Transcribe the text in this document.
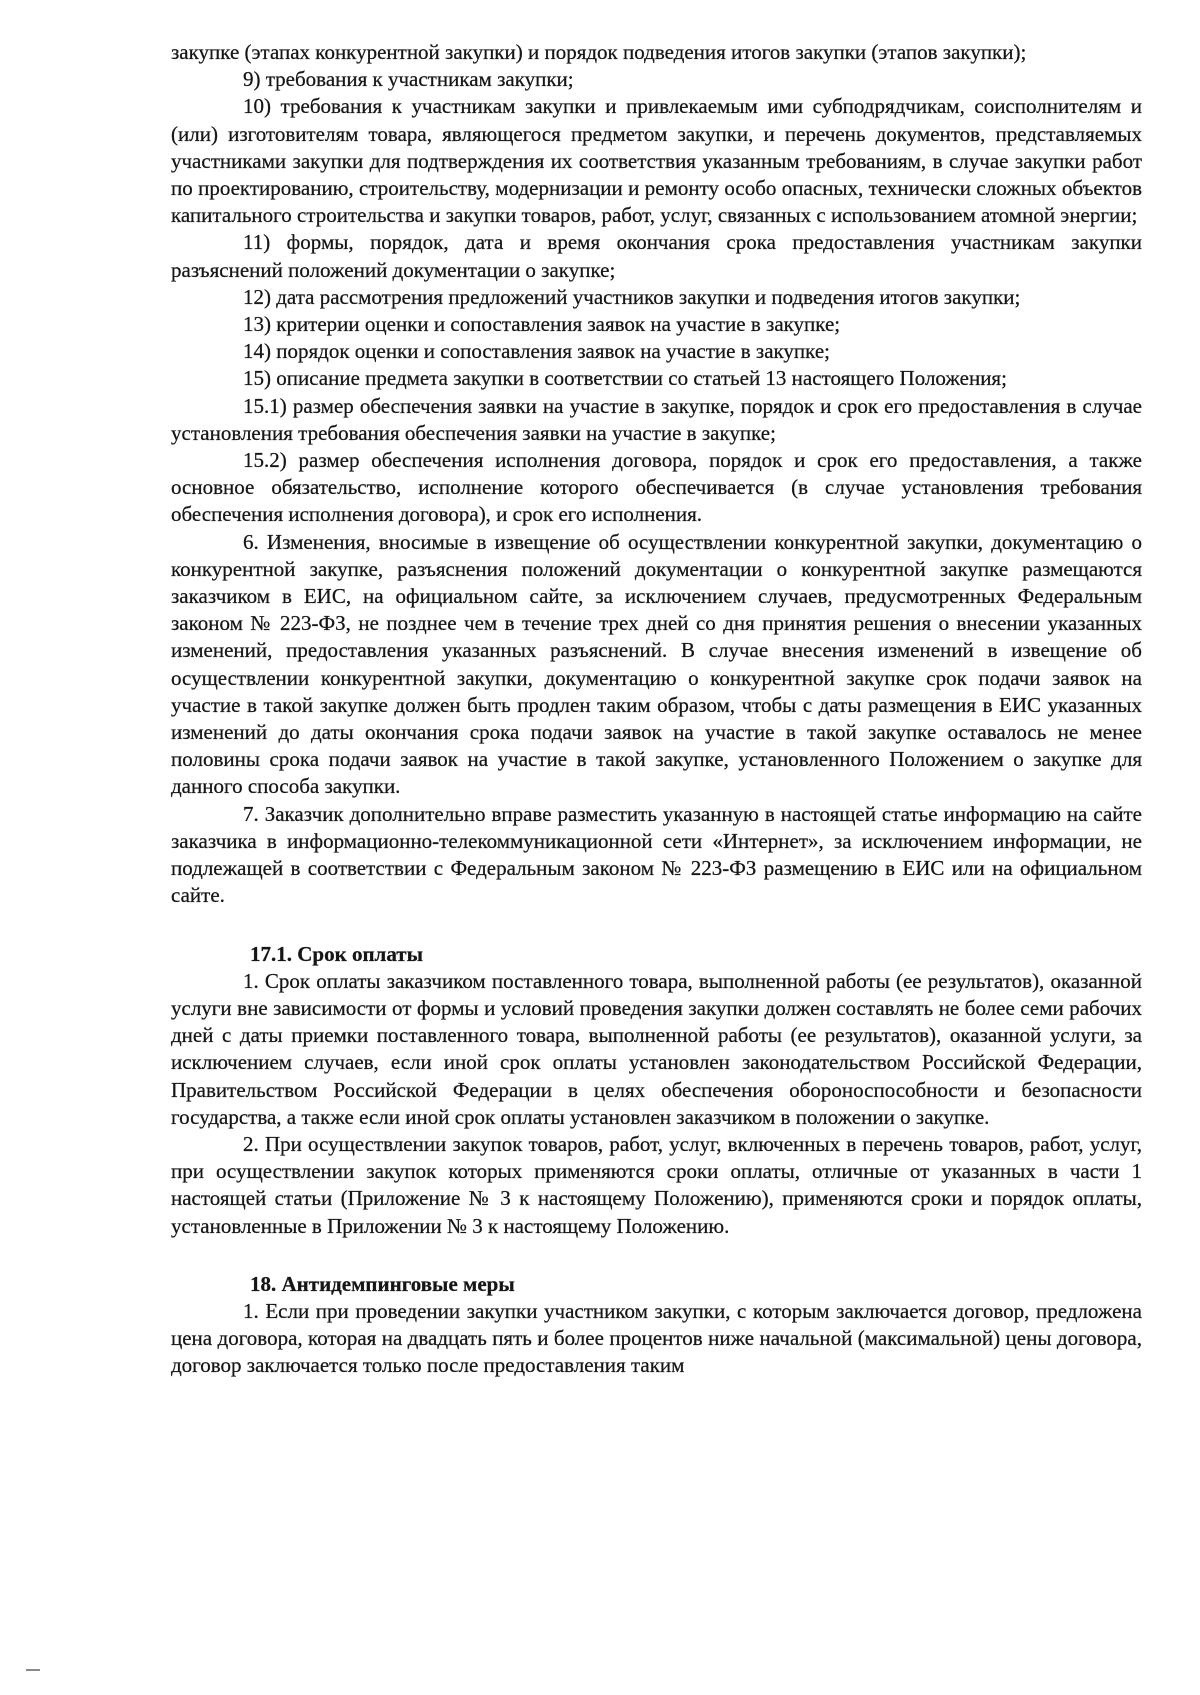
закупке (этапах конкурентной закупки) и порядок подведения итогов закупки (этапов закупки);

9) требования к участникам закупки;

10) требования к участникам закупки и привлекаемым ими субподрядчикам, соисполнителям и (или) изготовителям товара, являющегося предметом закупки, и перечень документов, представляемых участниками закупки для подтверждения их соответствия указанным требованиям, в случае закупки работ по проектированию, строительству, модернизации и ремонту особо опасных, технически сложных объектов капитального строительства и закупки товаров, работ, услуг, связанных с использованием атомной энергии;

11) формы, порядок, дата и время окончания срока предоставления участникам закупки разъяснений положений документации о закупке;

12) дата рассмотрения предложений участников закупки и подведения итогов закупки;

13) критерии оценки и сопоставления заявок на участие в закупке;

14) порядок оценки и сопоставления заявок на участие в закупке;

15) описание предмета закупки в соответствии со статьей 13 настоящего Положения;

15.1) размер обеспечения заявки на участие в закупке, порядок и срок его предоставления в случае установления требования обеспечения заявки на участие в закупке;

15.2) размер обеспечения исполнения договора, порядок и срок его предоставления, а также основное обязательство, исполнение которого обеспечивается (в случае установления требования обеспечения исполнения договора), и срок его исполнения.

6. Изменения, вносимые в извещение об осуществлении конкурентной закупки, документацию о конкурентной закупке, разъяснения положений документации о конкурентной закупке размещаются заказчиком в ЕИС, на официальном сайте, за исключением случаев, предусмотренных Федеральным законом № 223-ФЗ, не позднее чем в течение трех дней со дня принятия решения о внесении указанных изменений, предоставления указанных разъяснений. В случае внесения изменений в извещение об осуществлении конкурентной закупки, документацию о конкурентной закупке срок подачи заявок на участие в такой закупке должен быть продлен таким образом, чтобы с даты размещения в ЕИС указанных изменений до даты окончания срока подачи заявок на участие в такой закупке оставалось не менее половины срока подачи заявок на участие в такой закупке, установленного Положением о закупке для данного способа закупки.

7. Заказчик дополнительно вправе разместить указанную в настоящей статье информацию на сайте заказчика в информационно-телекоммуникационной сети «Интернет», за исключением информации, не подлежащей в соответствии с Федеральным законом № 223-ФЗ размещению в ЕИС или на официальном сайте.

17.1. Срок оплаты

1. Срок оплаты заказчиком поставленного товара, выполненной работы (ее результатов), оказанной услуги вне зависимости от формы и условий проведения закупки должен составлять не более семи рабочих дней с даты приемки поставленного товара, выполненной работы (ее результатов), оказанной услуги, за исключением случаев, если иной срок оплаты установлен законодательством Российской Федерации, Правительством Российской Федерации в целях обеспечения обороноспособности и безопасности государства, а также если иной срок оплаты установлен заказчиком в положении о закупке.

2. При осуществлении закупок товаров, работ, услуг, включенных в перечень товаров, работ, услуг, при осуществлении закупок которых применяются сроки оплаты, отличные от указанных в части 1 настоящей статьи (Приложение № 3 к настоящему Положению), применяются сроки и порядок оплаты, установленные в Приложении № 3 к настоящему Положению.

18. Антидемпинговые меры

1. Если при проведении закупки участником закупки, с которым заключается договор, предложена цена договора, которая на двадцать пять и более процентов ниже начальной (максимальной) цены договора, договор заключается только после предоставления таким
